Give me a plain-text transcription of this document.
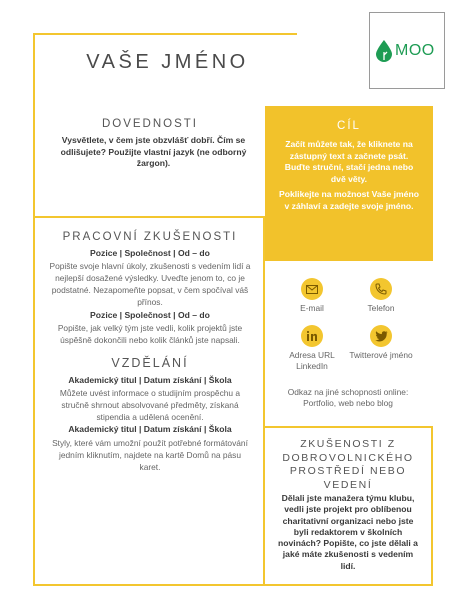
MOO
VAŠE JMÉNO
DOVEDNOSTI
Vysvětlete, v čem jste obzvlášť dobří. Čím se odlišujete? Použijte vlastní jazyk (ne odborný žargon).
CÍL
Začít můžete tak, že kliknete na zástupný text a začnete psát. Buďte struční, stačí jedna nebo dvě věty.
Poklikejte na možnost Vaše jméno v záhlaví a zadejte svoje jméno.
PRACOVNÍ ZKUŠENOSTI
Pozice | Společnost | Od – do
Popište svoje hlavní úkoly, zkušenosti s vedením lidí a nejlepší dosažené výsledky. Uveďte jenom to, co je podstatné. Nezapomeňte popsat, v čem spočíval váš přínos.
Pozice | Společnost | Od – do
Popište, jak velký tým jste vedli, kolik projektů jste úspěšně dokončili nebo kolik článků jste napsali.
VZDĚLÁNÍ
Akademický titul | Datum získání | Škola
Můžete uvést informace o studijním prospěchu a stručně shrnout absolvované předměty, získaná stipendia a udělená ocenění.
Akademický titul | Datum získání | Škola
Styly, které vám umožní použít potřebné formátování jedním kliknutím, najdete na kartě Domů na pásu karet.
E-mail	Telefon
Adresa URL LinkedIn
Twitterové jméno
Odkaz na jiné schopnosti online: Portfolio, web nebo blog
ZKUŠENOSTI Z DOBROVOLNICKÉHO PROSTŘEDÍ NEBO VEDENÍ
Dělali jste manažera týmu klubu, vedli jste projekt pro oblíbenou charitativní organizaci nebo jste byli redaktorem v školních novinách? Popište, co jste dělali a jaké máte zkušenosti s vedením lidí.
